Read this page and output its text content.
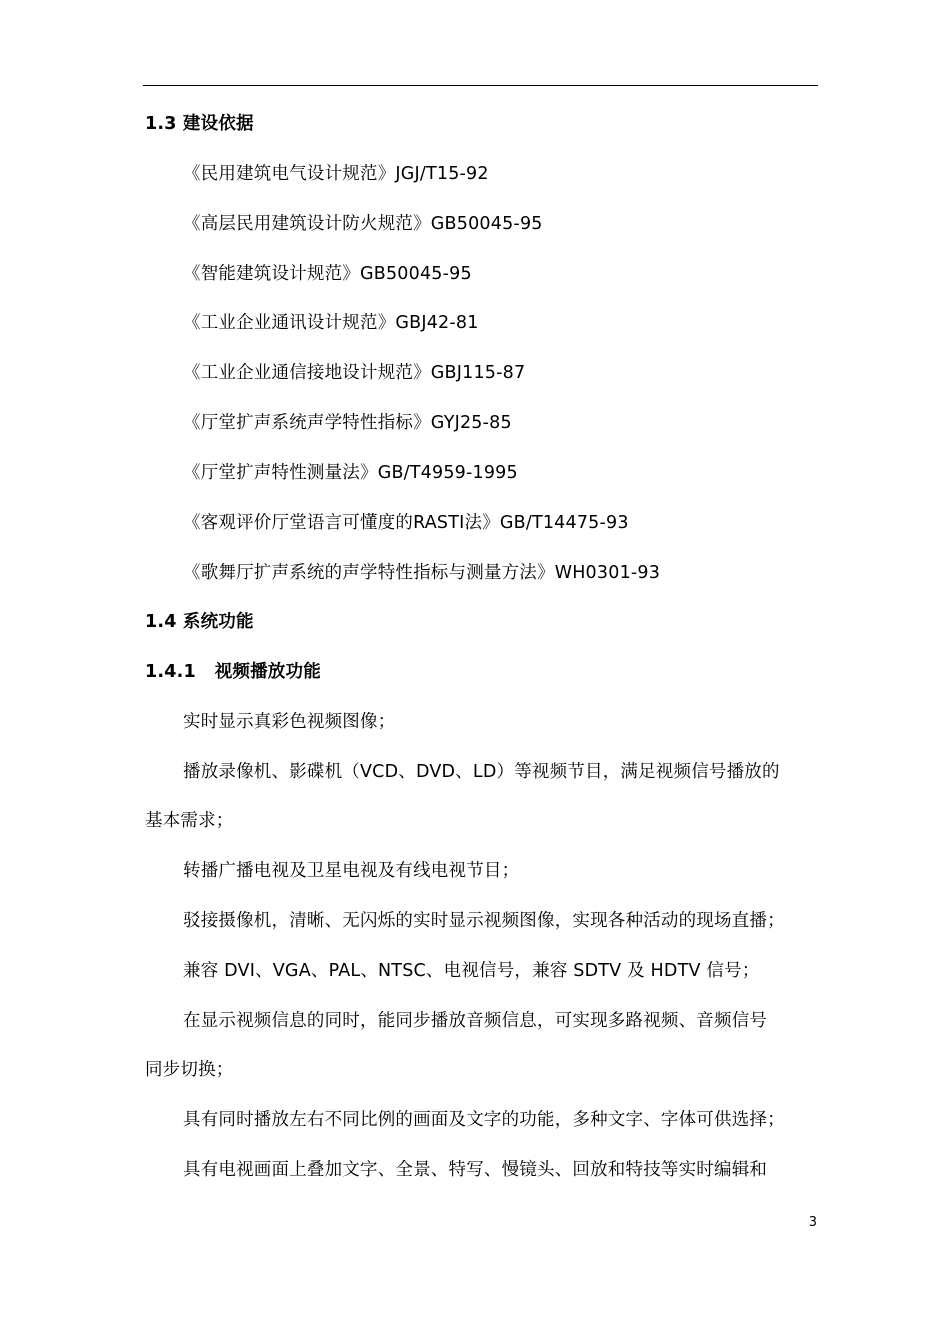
1.3 建设依据
《民用建筑电气设计规范》JGJ/T15-92
《高层民用建筑设计防火规范》GB50045-95
《智能建筑设计规范》GB50045-95
《工业企业通讯设计规范》GBJ42-81
《工业企业通信接地设计规范》GBJ115-87
《厅堂扩声系统声学特性指标》GYJ25-85
《厅堂扩声特性测量法》GB/T4959-1995
《客观评价厅堂语言可懂度的RASTI法》GB/T14475-93
《歌舞厅扩声系统的声学特性指标与测量方法》WH0301-93
1.4 系统功能
1.4.1   视频播放功能
实时显示真彩色视频图像；
播放录像机、影碟机（VCD、DVD、LD）等视频节目，满足视频信号播放的
基本需求；
转播广播电视及卫星电视及有线电视节目；
驳接摄像机，清晰、无闪烁的实时显示视频图像，实现各种活动的现场直播；
兼容 DVI、VGA、PAL、NTSC、电视信号，兼容 SDTV 及 HDTV 信号；
在显示视频信息的同时，能同步播放音频信息，可实现多路视频、音频信号
同步切换；
具有同时播放左右不同比例的画面及文字的功能，多种文字、字体可供选择；
具有电视画面上叠加文字、全景、特写、慢镜头、回放和特技等实时编辑和
3
